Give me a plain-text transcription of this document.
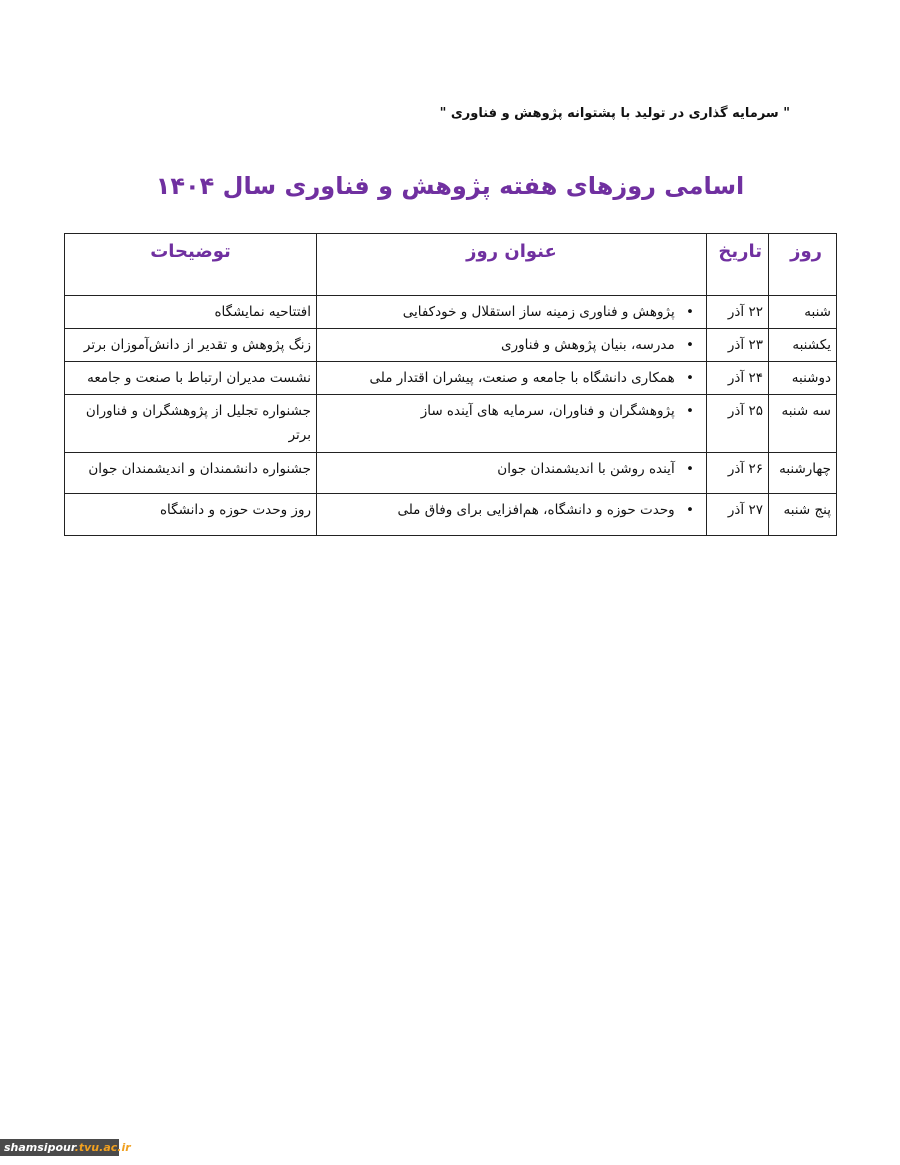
" سرمایه گذاری در تولید با پشتوانه پژوهش و فناوری "
اسامی روزهای هفته پژوهش و فناوری سال ۱۴۰۴
روز	تاریخ	عنوان روز	توضیحات
شنبه	۲۲ آذر	• پژوهش و فناوری زمینه ساز استقلال و خودکفایی	افتتاحیه نمایشگاه
یکشنبه	۲۳ آذر	• مدرسه، بنیان پژوهش و فناوری	زنگ پژوهش و تقدیر از دانش‌آموزان برتر
دوشنبه	۲۴ آذر	• همکاری دانشگاه با جامعه و صنعت، پیشران اقتدار ملی	نشست مدیران ارتباط با صنعت و جامعه
سه شنبه	۲۵ آذر	• پژوهشگران و فناوران، سرمایه های آینده ساز	جشنواره تجلیل از پژوهشگران و فناوران برتر
چهارشنبه	۲۶ آذر	• آینده روشن با اندیشمندان جوان	جشنواره دانشمندان و اندیشمندان جوان
پنج شنبه	۲۷ آذر	• وحدت حوزه و دانشگاه، هم‌افزایی برای وفاق ملی	روز وحدت حوزه و دانشگاه
shamsipour.tvu.ac.ir
